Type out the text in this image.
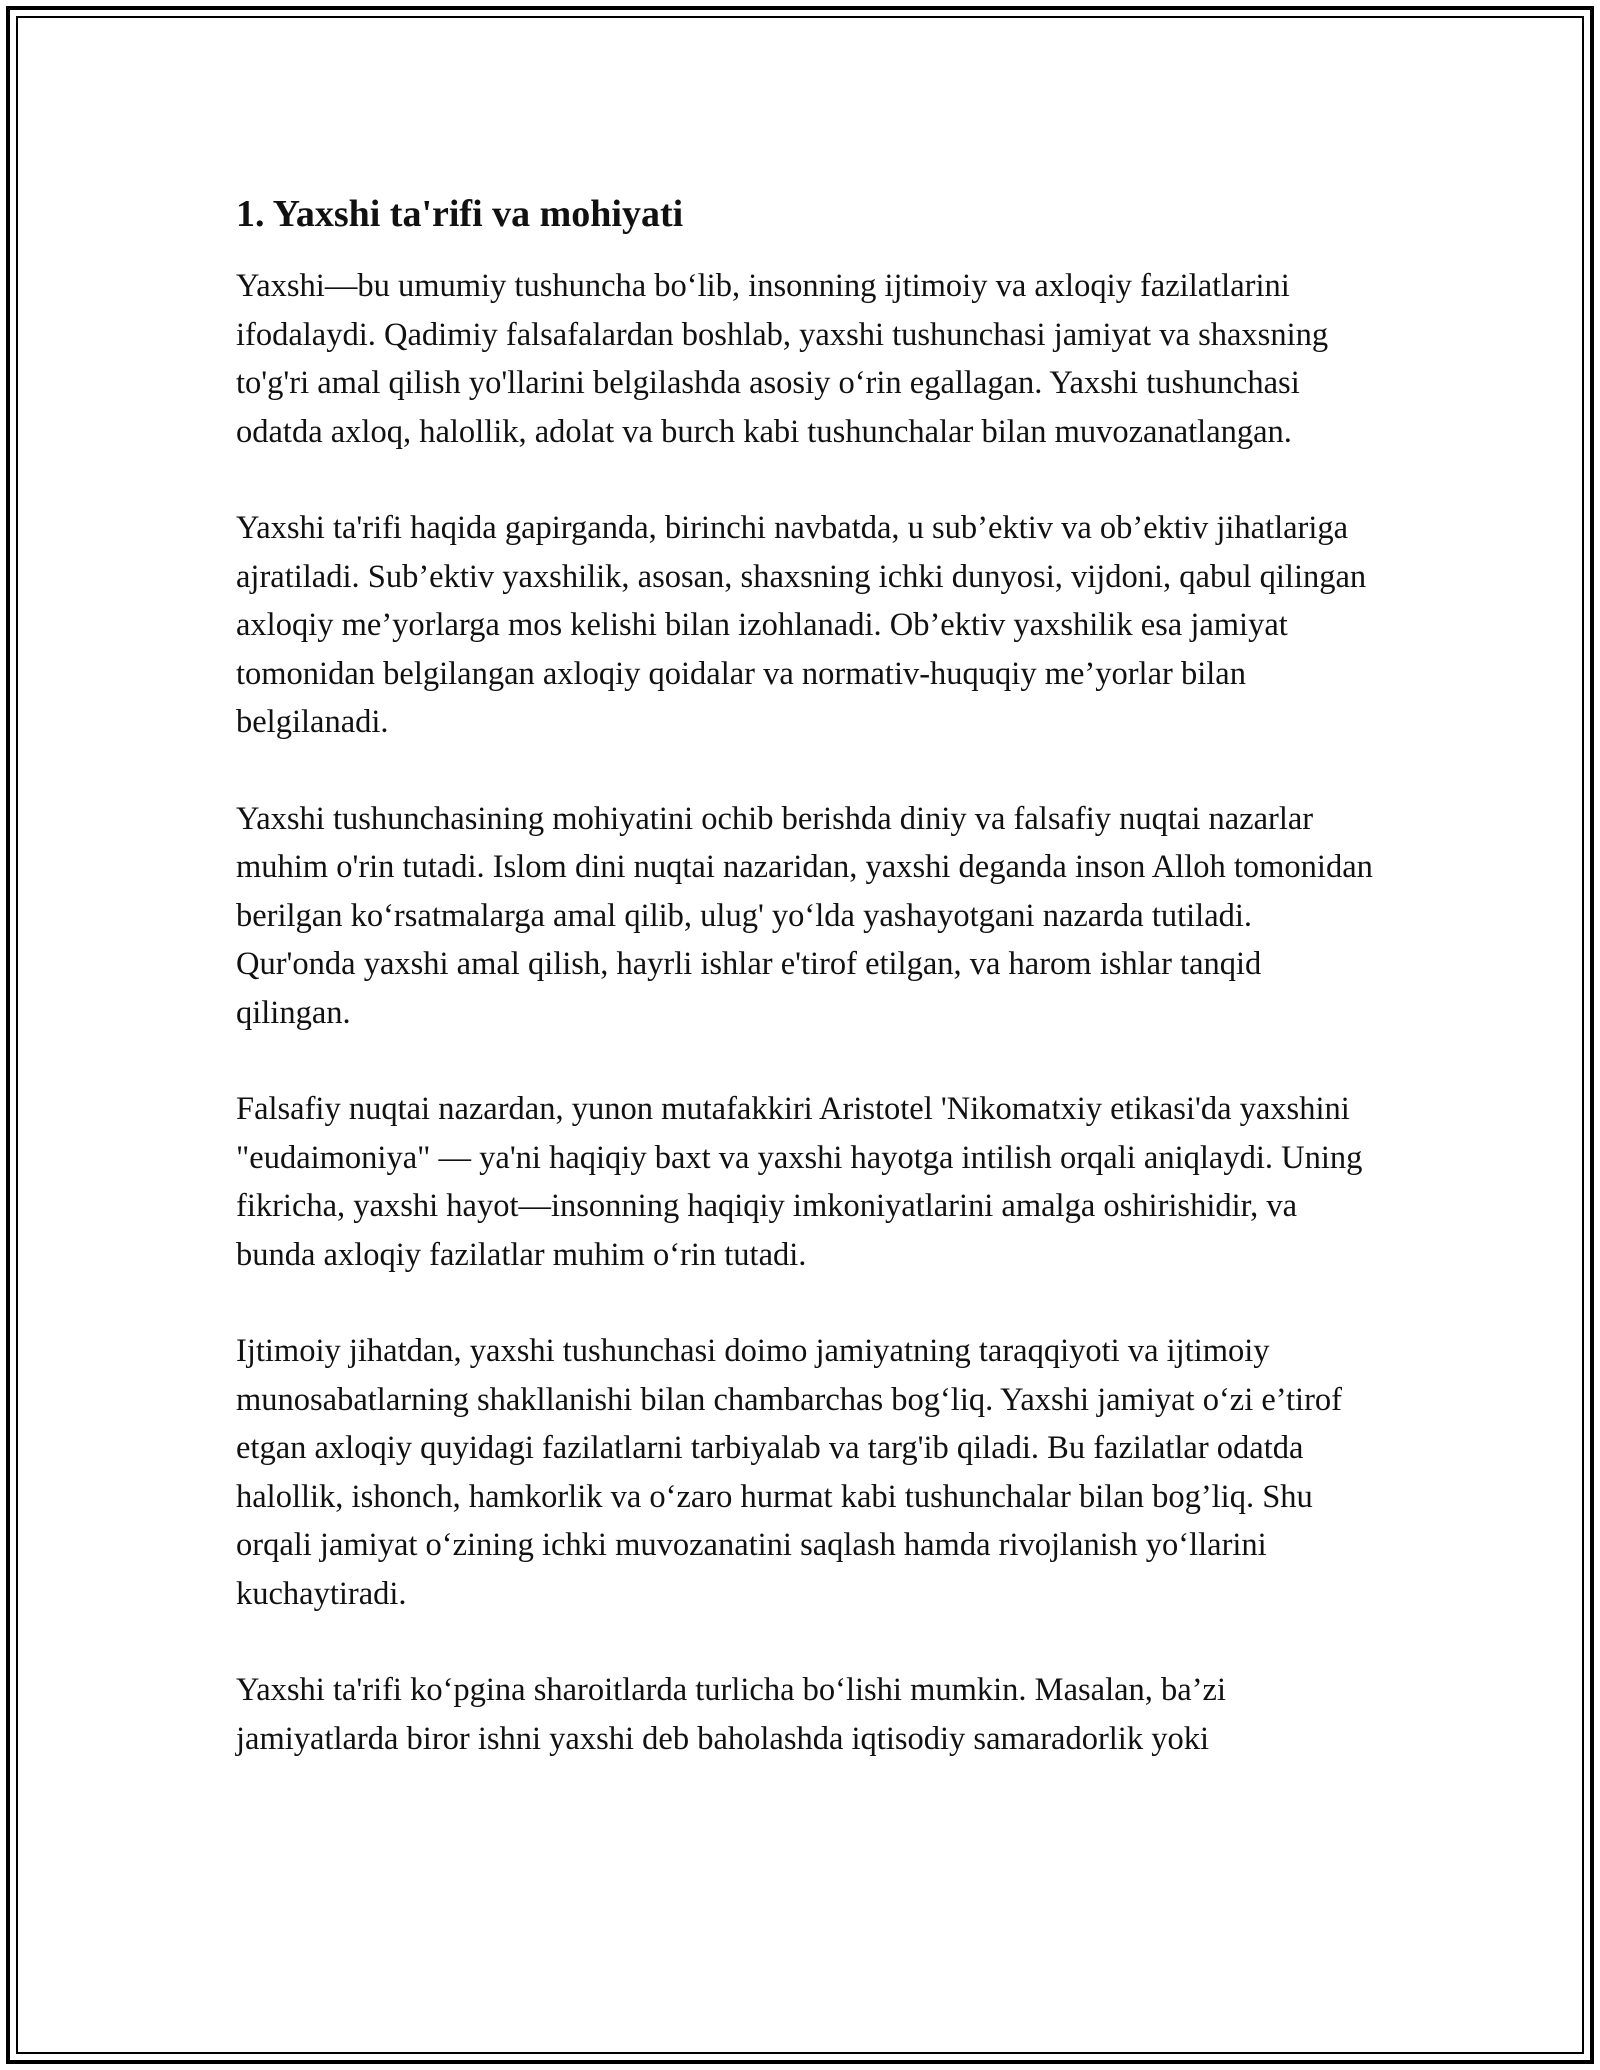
1. Yaxshi ta'rifi va mohiyati

Yaxshi—bu umumiy tushuncha bo‘lib, insonning ijtimoiy va axloqiy fazilatlarini ifodalaydi. Qadimiy falsafalardan boshlab, yaxshi tushunchasi jamiyat va shaxsning to'g'ri amal qilish yo'llarini belgilashda asosiy o‘rin egallagan. Yaxshi tushunchasi odatda axloq, halollik, adolat va burch kabi tushunchalar bilan muvozanatlangan.

Yaxshi ta'rifi haqida gapirganda, birinchi navbatda, u sub’ektiv va ob’ektiv jihatlariga ajratiladi. Sub’ektiv yaxshilik, asosan, shaxsning ichki dunyosi, vijdoni, qabul qilingan axloqiy me’yorlarga mos kelishi bilan izohlanadi. Ob’ektiv yaxshilik esa jamiyat tomonidan belgilangan axloqiy qoidalar va normativ-huquqiy me’yorlar bilan belgilanadi.

Yaxshi tushunchasining mohiyatini ochib berishda diniy va falsafiy nuqtai nazarlar muhim o'rin tutadi. Islom dini nuqtai nazaridan, yaxshi deganda inson Alloh tomonidan berilgan ko‘rsatmalarga amal qilib, ulug' yo‘lda yashayotgani nazarda tutiladi. Qur'onda yaxshi amal qilish, hayrli ishlar e'tirof etilgan, va harom ishlar tanqid qilingan.

Falsafiy nuqtai nazardan, yunon mutafakkiri Aristotel 'Nikomatxiy etikasi'da yaxshini "eudaimoniya" — ya'ni haqiqiy baxt va yaxshi hayotga intilish orqali aniqlaydi. Uning fikricha, yaxshi hayot—insonning haqiqiy imkoniyatlarini amalga oshirishidir, va bunda axloqiy fazilatlar muhim o‘rin tutadi.

Ijtimoiy jihatdan, yaxshi tushunchasi doimo jamiyatning taraqqiyoti va ijtimoiy munosabatlarning shakllanishi bilan chambarchas bog‘liq. Yaxshi jamiyat o‘zi e’tirof etgan axloqiy quyidagi fazilatlarni tarbiyalab va targ'ib qiladi. Bu fazilatlar odatda halollik, ishonch, hamkorlik va o‘zaro hurmat kabi tushunchalar bilan bog’liq. Shu orqali jamiyat o‘zining ichki muvozanatini saqlash hamda rivojlanish yo‘llarini kuchaytiradi.

Yaxshi ta'rifi ko‘pgina sharoitlarda turlicha bo‘lishi mumkin. Masalan, ba’zi jamiyatlarda biror ishni yaxshi deb baholashda iqtisodiy samaradorlik yoki
